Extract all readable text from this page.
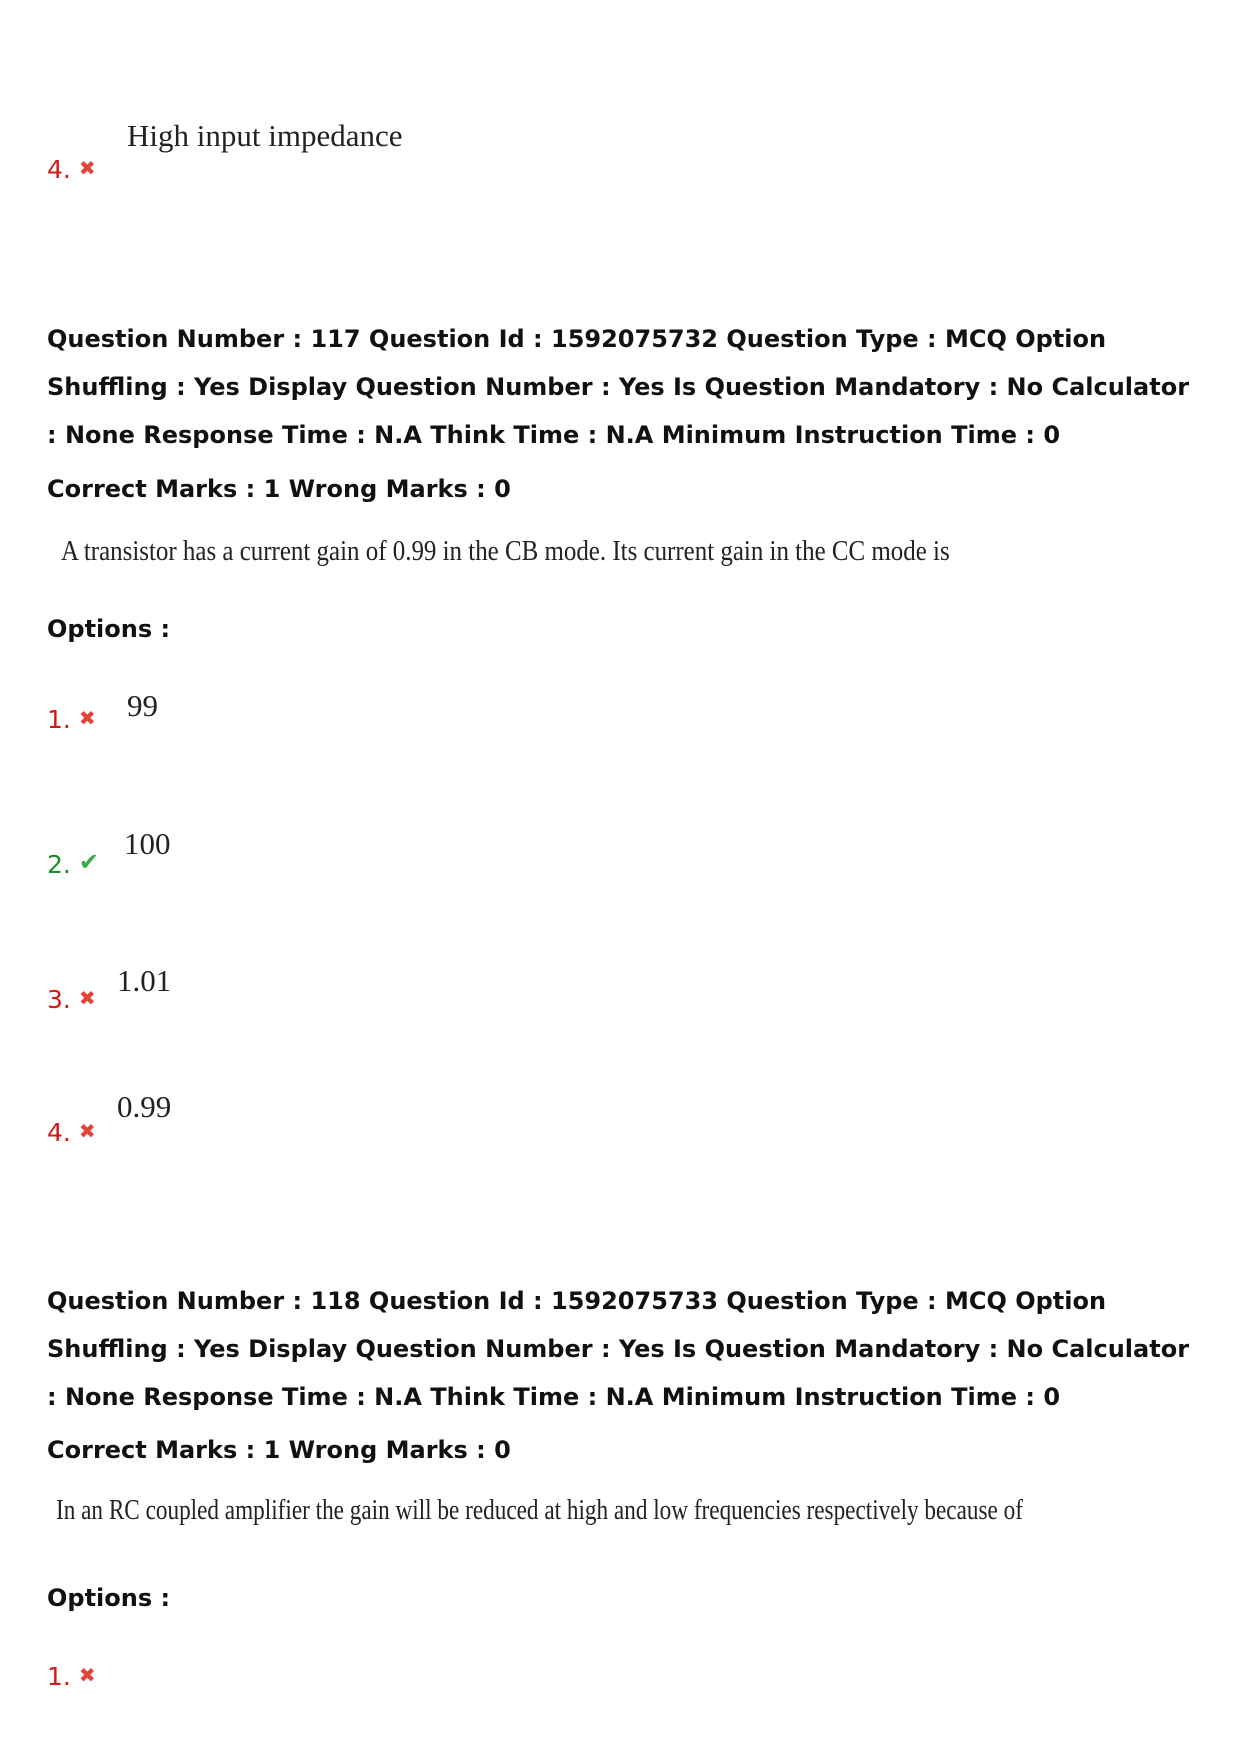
High input impedance
4. ✖
Question Number : 117 Question Id : 1592075732 Question Type : MCQ Option Shuffling : Yes Display Question Number : Yes Is Question Mandatory : No Calculator : None Response Time : N.A Think Time : N.A Minimum Instruction Time : 0
Correct Marks : 1 Wrong Marks : 0
A transistor has a current gain of 0.99 in the CB mode. Its current gain in the CC mode is
Options :
1. ✖ 99
2. ✔
100
3. ✖ 1.01
4. ✖
0.99
Question Number : 118 Question Id : 1592075733 Question Type : MCQ Option Shuffling : Yes Display Question Number : Yes Is Question Mandatory : No Calculator : None Response Time : N.A Think Time : N.A Minimum Instruction Time : 0
Correct Marks : 1 Wrong Marks : 0
In an RC coupled amplifier the gain will be reduced at high and low frequencies respectively because of
Options :
1. ✖
